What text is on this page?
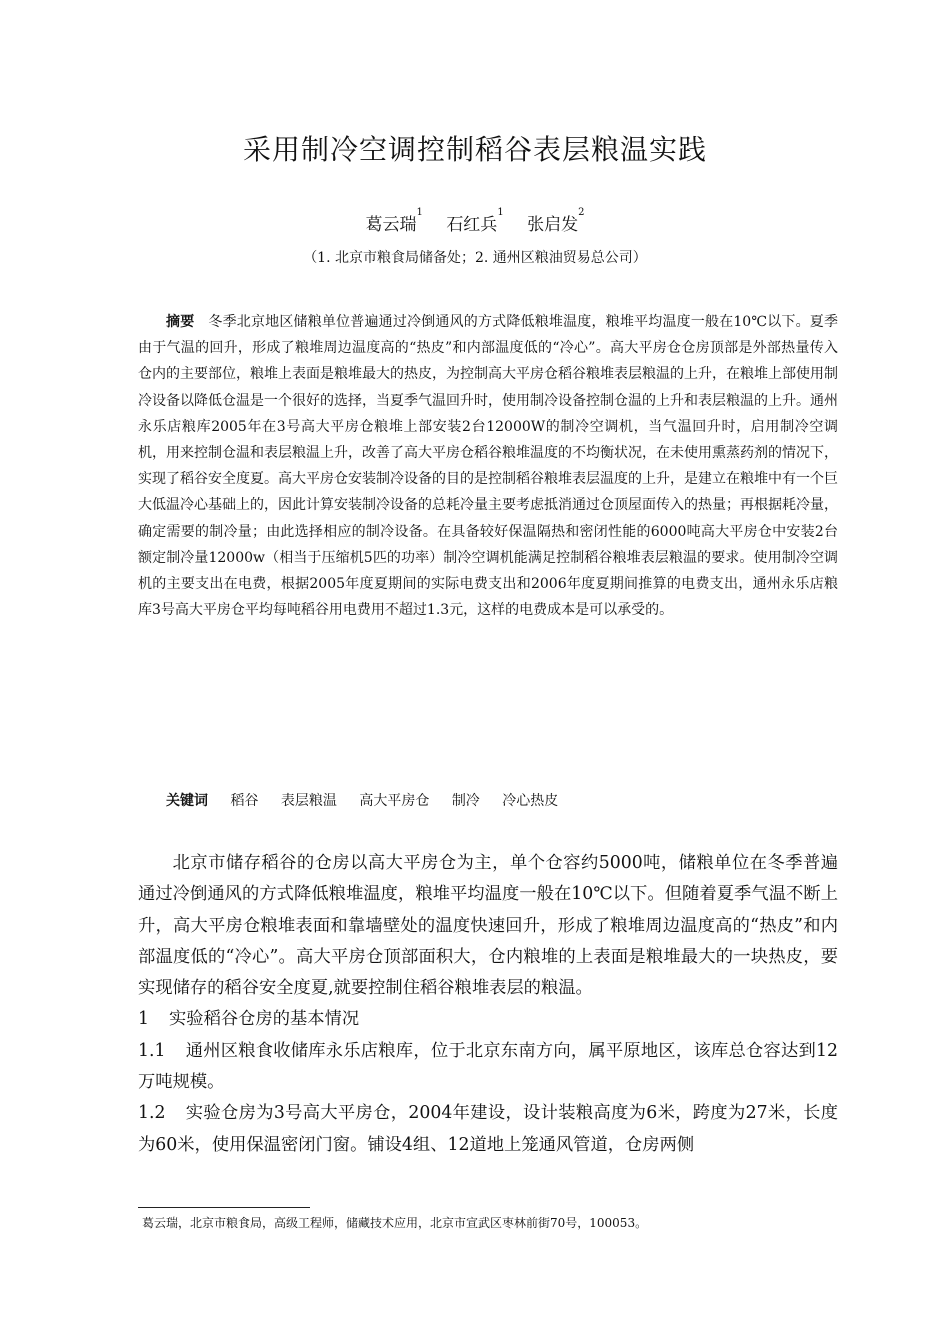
采用制冷空调控制稻谷表层粮温实践
葛云瑞$^1$ 石红兵$^1$ 张启发$^2$
（1. 北京市粮食局储备处；2. 通州区粮油贸易总公司）

摘要 冬季北京地区储粮单位普遍通过冷倒通风的方式降低粮堆温度，粮堆平均温度一般在10℃以下。夏季由于气温的回升，形成了粮堆周边温度高的“热皮”和内部温度低的“冷心”。高大平房仓仓房顶部是外部热量传入仓内的主要部位，粮堆上表面是粮堆最大的热皮，为控制高大平房仓稻谷粮堆表层粮温的上升，在粮堆上部使用制冷设备以降低仓温是一个很好的选择，当夏季气温回升时，使用制冷设备控制仓温的上升和表层粮温的上升。通州永乐店粮库2005年在3号高大平房仓粮堆上部安装2台12000W的制冷空调机，当气温回升时，启用制冷空调机，用来控制仓温和表层粮温上升，改善了高大平房仓稻谷粮堆温度的不均衡状况，在未使用熏蒸药剂的情况下，实现了稻谷安全度夏。高大平房仓安装制冷设备的目的是控制稻谷粮堆表层温度的上升，是建立在粮堆中有一个巨大低温冷心基础上的，因此计算安装制冷设备的总耗冷量主要考虑抵消通过仓顶屋面传入的热量；再根据耗冷量，确定需要的制冷量；由此选择相应的制冷设备。在具备较好保温隔热和密闭性能的6000吨高大平房仓中安装2台额定制冷量12000w（相当于压缩机5匹的功率）制冷空调机能满足控制稻谷粮堆表层粮温的要求。使用制冷空调机的主要支出在电费，根据2005年度夏期间的实际电费支出和2006年度夏期间推算的电费支出，通州永乐店粮库3号高大平房仓平均每吨稻谷用电费用不超过1.3元，这样的电费成本是可以承受的。

关键词 稻谷 表层粮温 高大平房仓 制冷 冷心热皮

北京市储存稻谷的仓房以高大平房仓为主，单个仓容约5000吨，储粮单位在冬季普遍通过冷倒通风的方式降低粮堆温度，粮堆平均温度一般在10℃以下。但随着夏季气温不断上升，高大平房仓粮堆表面和靠墙壁处的温度快速回升，形成了粮堆周边温度高的“热皮”和内部温度低的“冷心”。高大平房仓顶部面积大，仓内粮堆的上表面是粮堆最大的一块热皮，要实现储存的稻谷安全度夏,就要控制住稻谷粮堆表层的粮温。

1 实验稻谷仓房的基本情况

1.1 通州区粮食收储库永乐店粮库，位于北京东南方向，属平原地区，该库总仓容达到12万吨规模。

1.2 实验仓房为3号高大平房仓，2004年建设，设计装粮高度为6米，跨度为27米，长度为60米，使用保温密闭门窗。铺设4组、12道地上笼通风管道，仓房两侧

葛云瑞，北京市粮食局，高级工程师，储藏技术应用，北京市宣武区枣林前街70号，100053。
